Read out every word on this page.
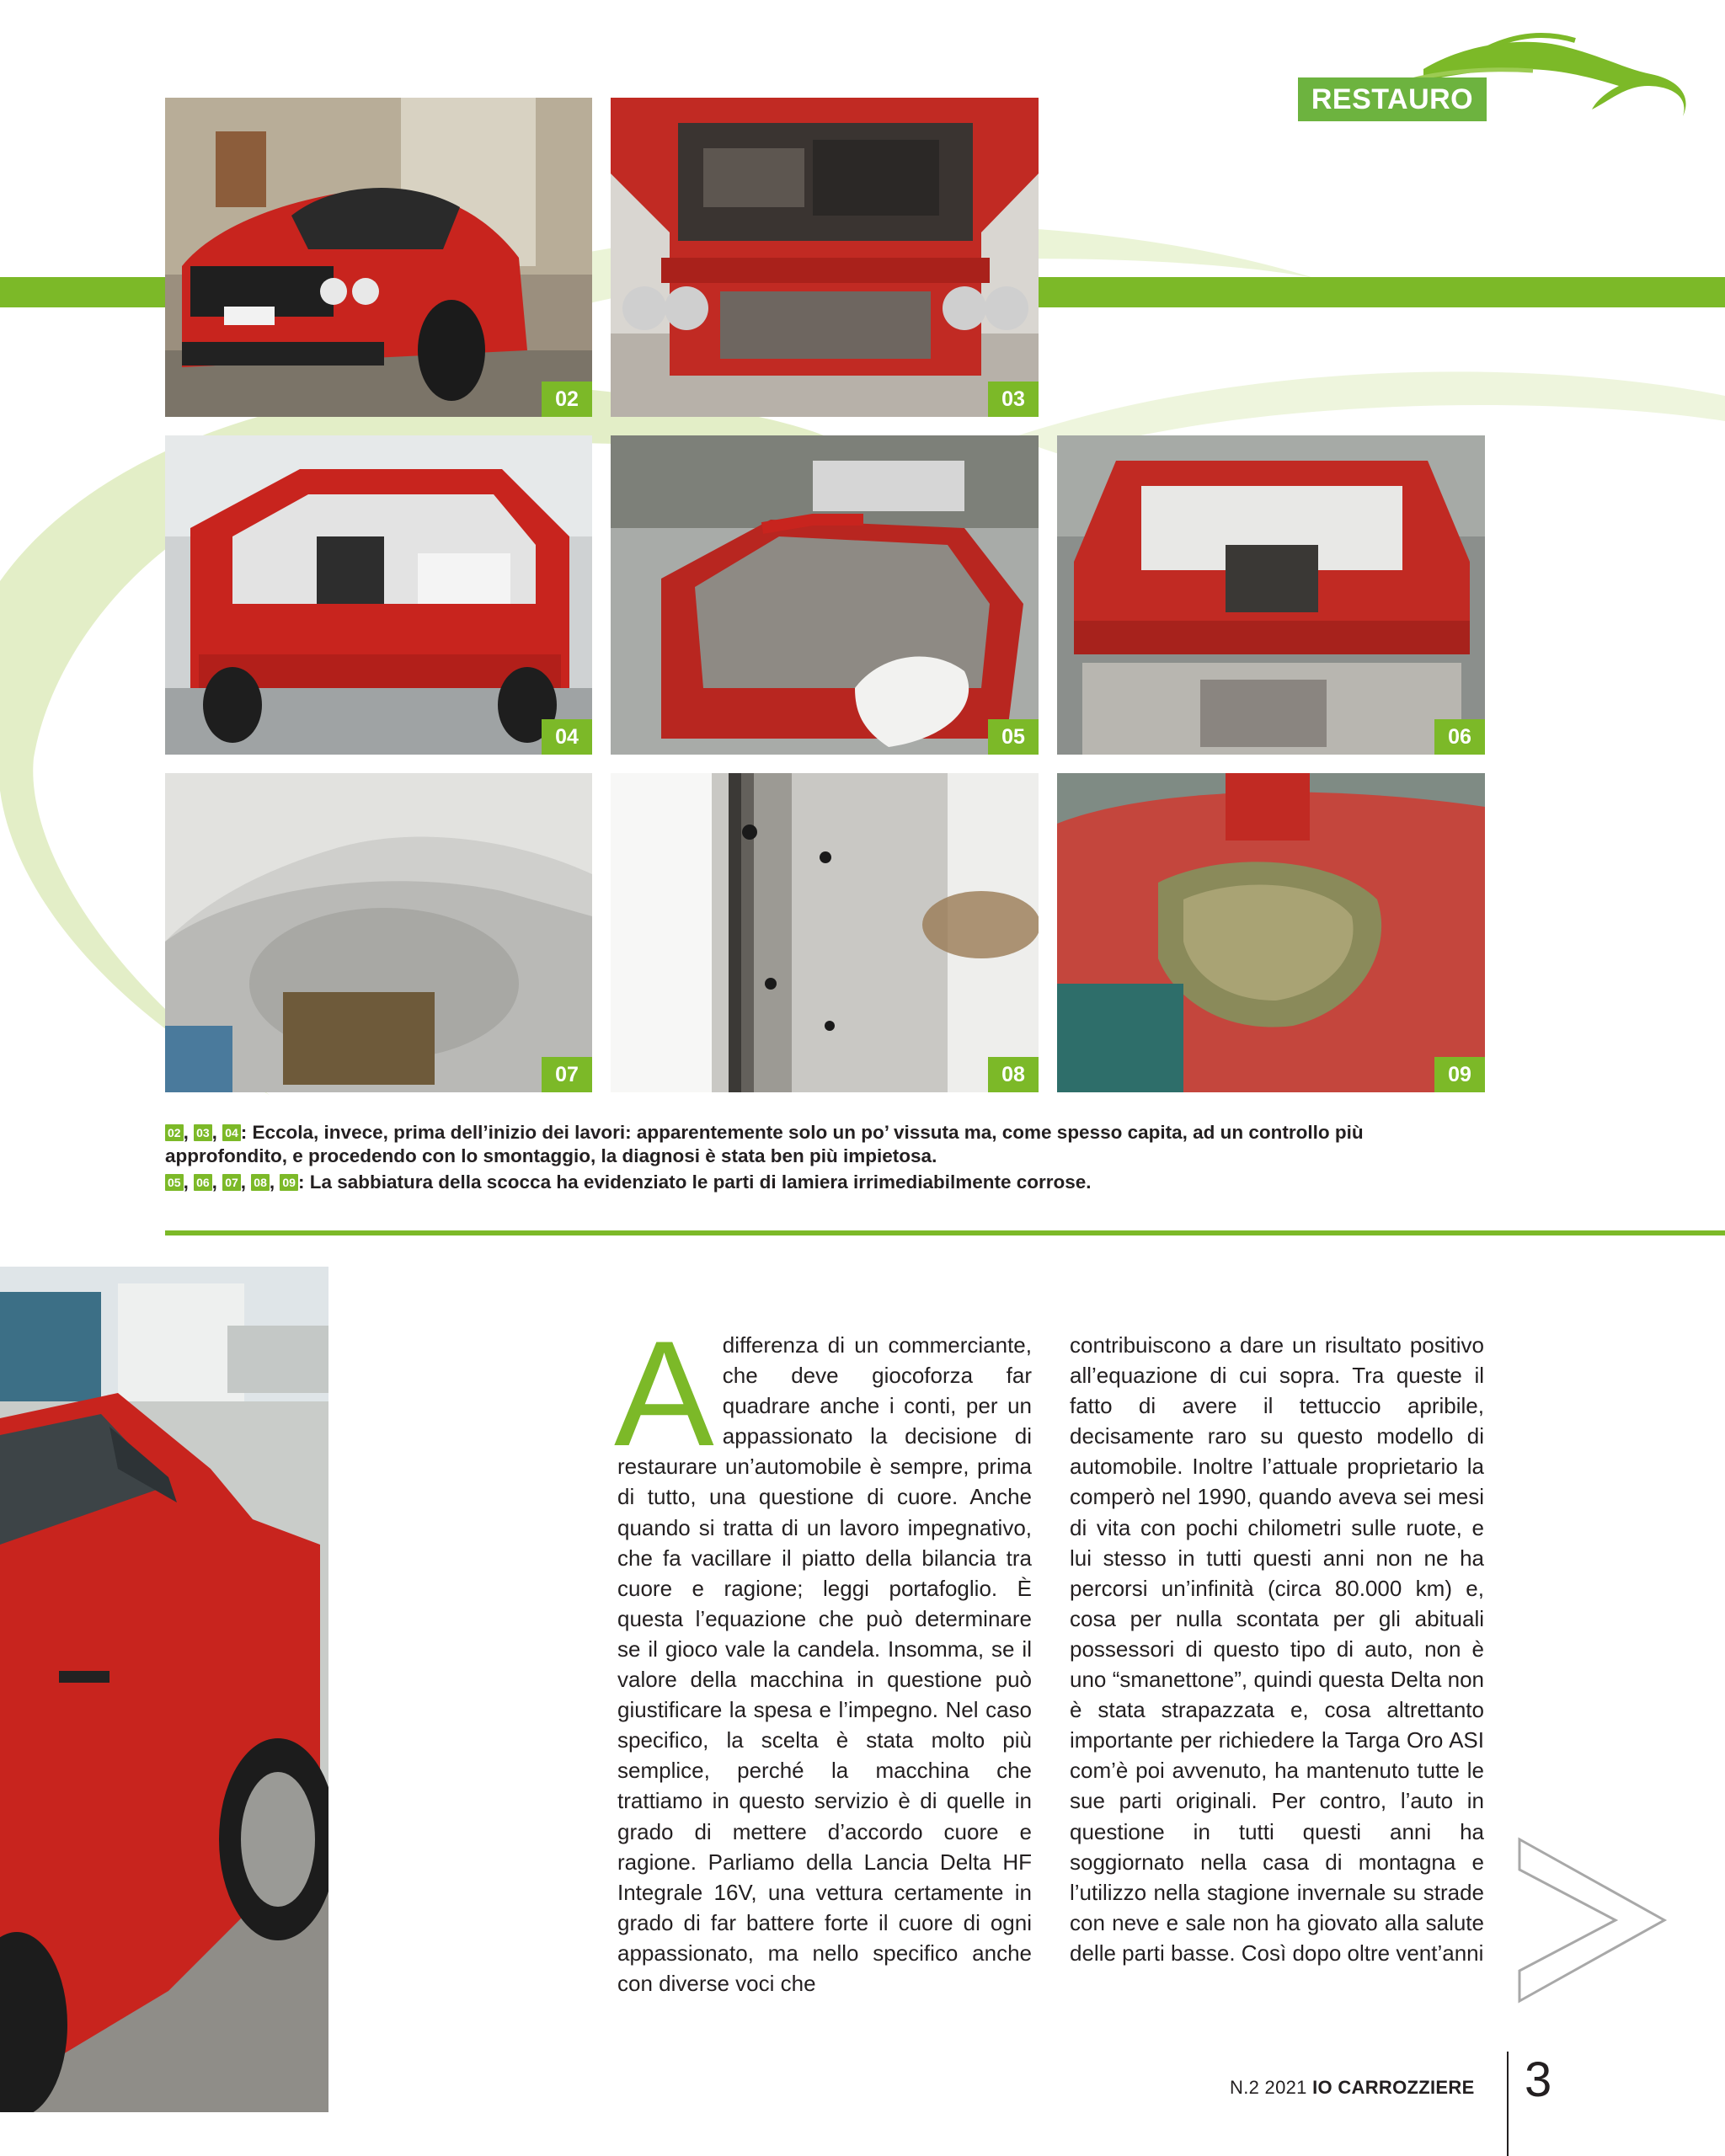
RESTAURO
02	03
04	05	06
07	08	09
02 , 03 , 04 : Eccola, invece, prima dell’inizio dei lavori: apparentemente solo un po’ vissuta ma, come spesso capita, ad un controllo più approfondito, e procedendo con lo smontaggio, la diagnosi è stata ben più impietosa.
05 , 06 , 07 , 08 , 09 : La sabbiatura della scocca ha evidenziato le parti di lamiera irrimediabilmente corrose.

Adifferenza di un commerciante, che deve giocoforza far quadrare anche i conti, per un appassionato la decisione di restaurare un’automobile è sempre, prima di tutto, una questione di cuore. Anche quando si tratta di un lavoro impegnativo, che fa vacillare il piatto della bilancia tra cuore e ragione; leggi portafoglio. È questa l’equazione che può determinare se il gioco vale la candela. Insomma, se il valore della macchina in questione può giustificare la spesa e l’impegno. Nel caso specifico, la scelta è stata molto più semplice, perché la macchina che trattiamo in questo servizio è di quelle in grado di mettere d’accordo cuore e ragione. Parliamo della Lancia Delta HF Integrale 16V, una vettura certamente in grado di far battere forte il cuore di ogni appassionato, ma nello specifico anche con diverse voci che

contribuiscono a dare un risultato positivo all’equazione di cui sopra. Tra queste il fatto di avere il tettuccio apribile, decisamente raro su questo modello di automobile. Inoltre l’attuale proprietario la comperò nel 1990, quando aveva sei mesi di vita con pochi chilometri sulle ruote, e lui stesso in tutti questi anni non ne ha percorsi un’infinità (circa 80.000 km) e, cosa per nulla scontata per gli abituali possessori di questo tipo di auto, non è uno “smanettone”, quindi questa Delta non è stata strapazzata e, cosa altrettanto importante per richiedere la Targa Oro ASI com’è poi avvenuto, ha mantenuto tutte le sue parti originali. Per contro, l’auto in questione in tutti questi anni ha soggiornato nella casa di montagna e l’utilizzo nella stagione invernale su strade con neve e sale non ha giovato alla salute delle parti basse. Così dopo oltre vent’anni

N.2 2021 IO CARROZZIERE 3
